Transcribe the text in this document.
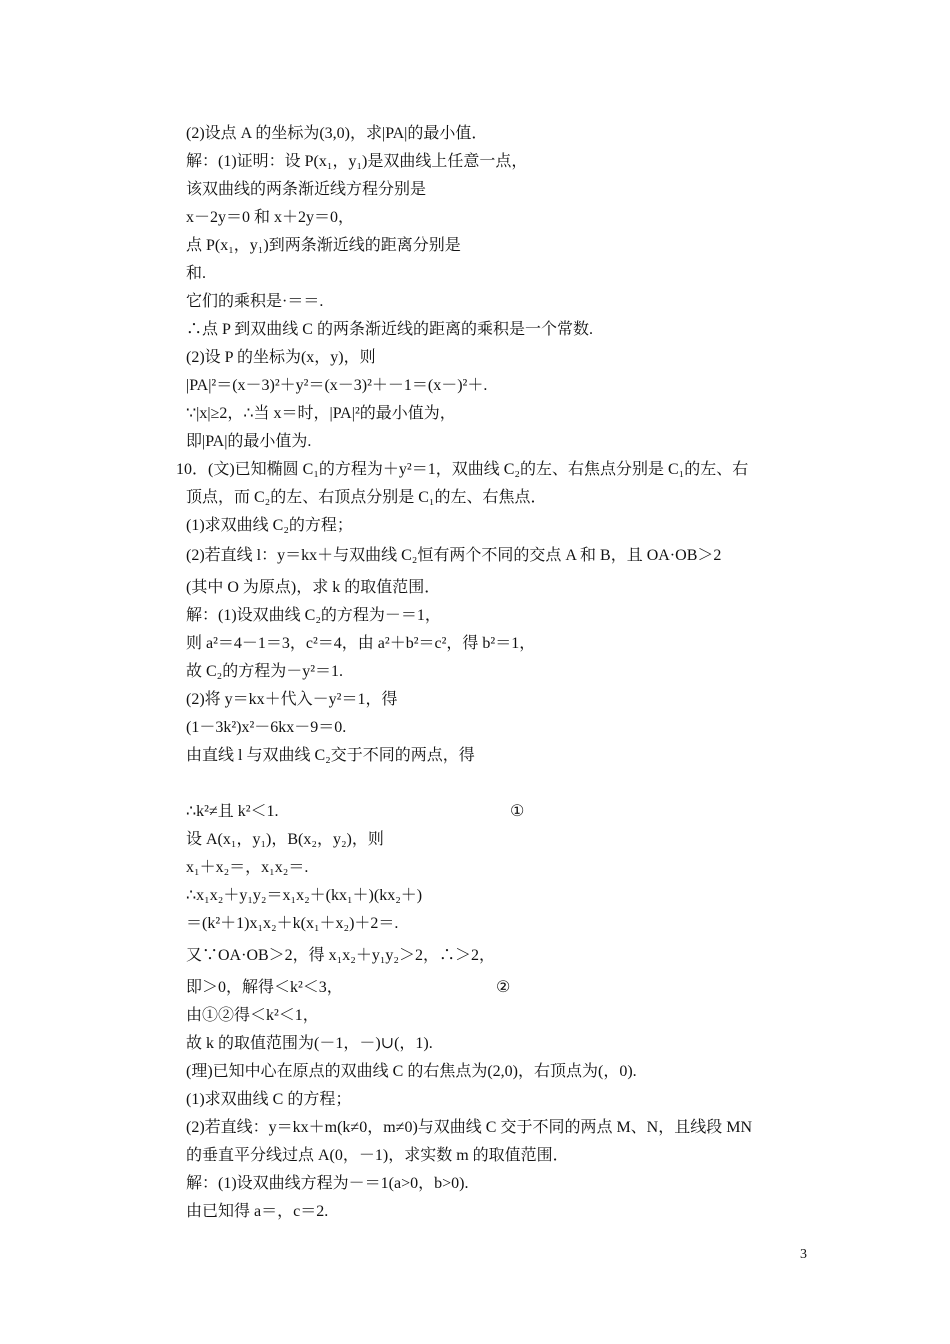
(2)设点 A 的坐标为(3,0)，求|PA|的最小值．
解：(1)证明：设 P(x₁，y₁)是双曲线上任意一点，
该双曲线的两条渐近线方程分别是
x－2y＝0 和 x＋2y＝0，
点 P(x₁，y₁)到两条渐近线的距离分别是
和.
它们的乘积是·＝＝.
∴点 P 到双曲线 C 的两条渐近线的距离的乘积是一个常数.
(2)设 P 的坐标为(x，y)，则
|PA|²＝(x－3)²＋y²＝(x－3)²＋－1＝(x－)²＋.
∵|x|≥2，∴当 x＝时，|PA|²的最小值为，
即|PA|的最小值为.
10．(文)已知椭圆 C₁的方程为＋y²＝1，双曲线 C₂的左、右焦点分别是 C₁的左、右
顶点，而 C₂的左、右顶点分别是 C₁的左、右焦点．
(1)求双曲线 C₂的方程；
(2)若直线 l：y＝kx＋与双曲线 C₂恒有两个不同的交点 A 和 B，且 OA·OB＞2
(其中 O 为原点)，求 k 的取值范围．
解：(1)设双曲线 C₂的方程为－＝1，
则 a²＝4－1＝3，c²＝4，由 a²＋b²＝c²，得 b²＝1，
故 C₂的方程为－y²＝1.
(2)将 y＝kx＋代入－y²＝1，得
(1－3k²)x²－6kx－9＝0.
由直线 l 与双曲线 C₂交于不同的两点，得
∴k²≠且 k²＜1.	①
设 A(x₁，y₁)，B(x₂，y₂)，则
x₁＋x₂＝，x₁x₂＝.
∴x₁x₂＋y₁y₂＝x₁x₂＋(kx₁＋)(kx₂＋)
＝(k²＋1)x₁x₂＋k(x₁＋x₂)＋2＝.
又∵OA·OB＞2，得 x₁x₂＋y₁y₂＞2，∴＞2，
即＞0，解得＜k²＜3，	②
由①②得＜k²＜1，
故 k 的取值范围为(－1，－)∪(，1).
(理)已知中心在原点的双曲线 C 的右焦点为(2,0)，右顶点为(，0).
(1)求双曲线 C 的方程；
(2)若直线：y＝kx＋m(k≠0，m≠0)与双曲线 C 交于不同的两点 M、N，且线段 MN
的垂直平分线过点 A(0，－1)，求实数 m 的取值范围．
解：(1)设双曲线方程为－＝1(a>0，b>0).
由已知得 a＝，c＝2.
3
